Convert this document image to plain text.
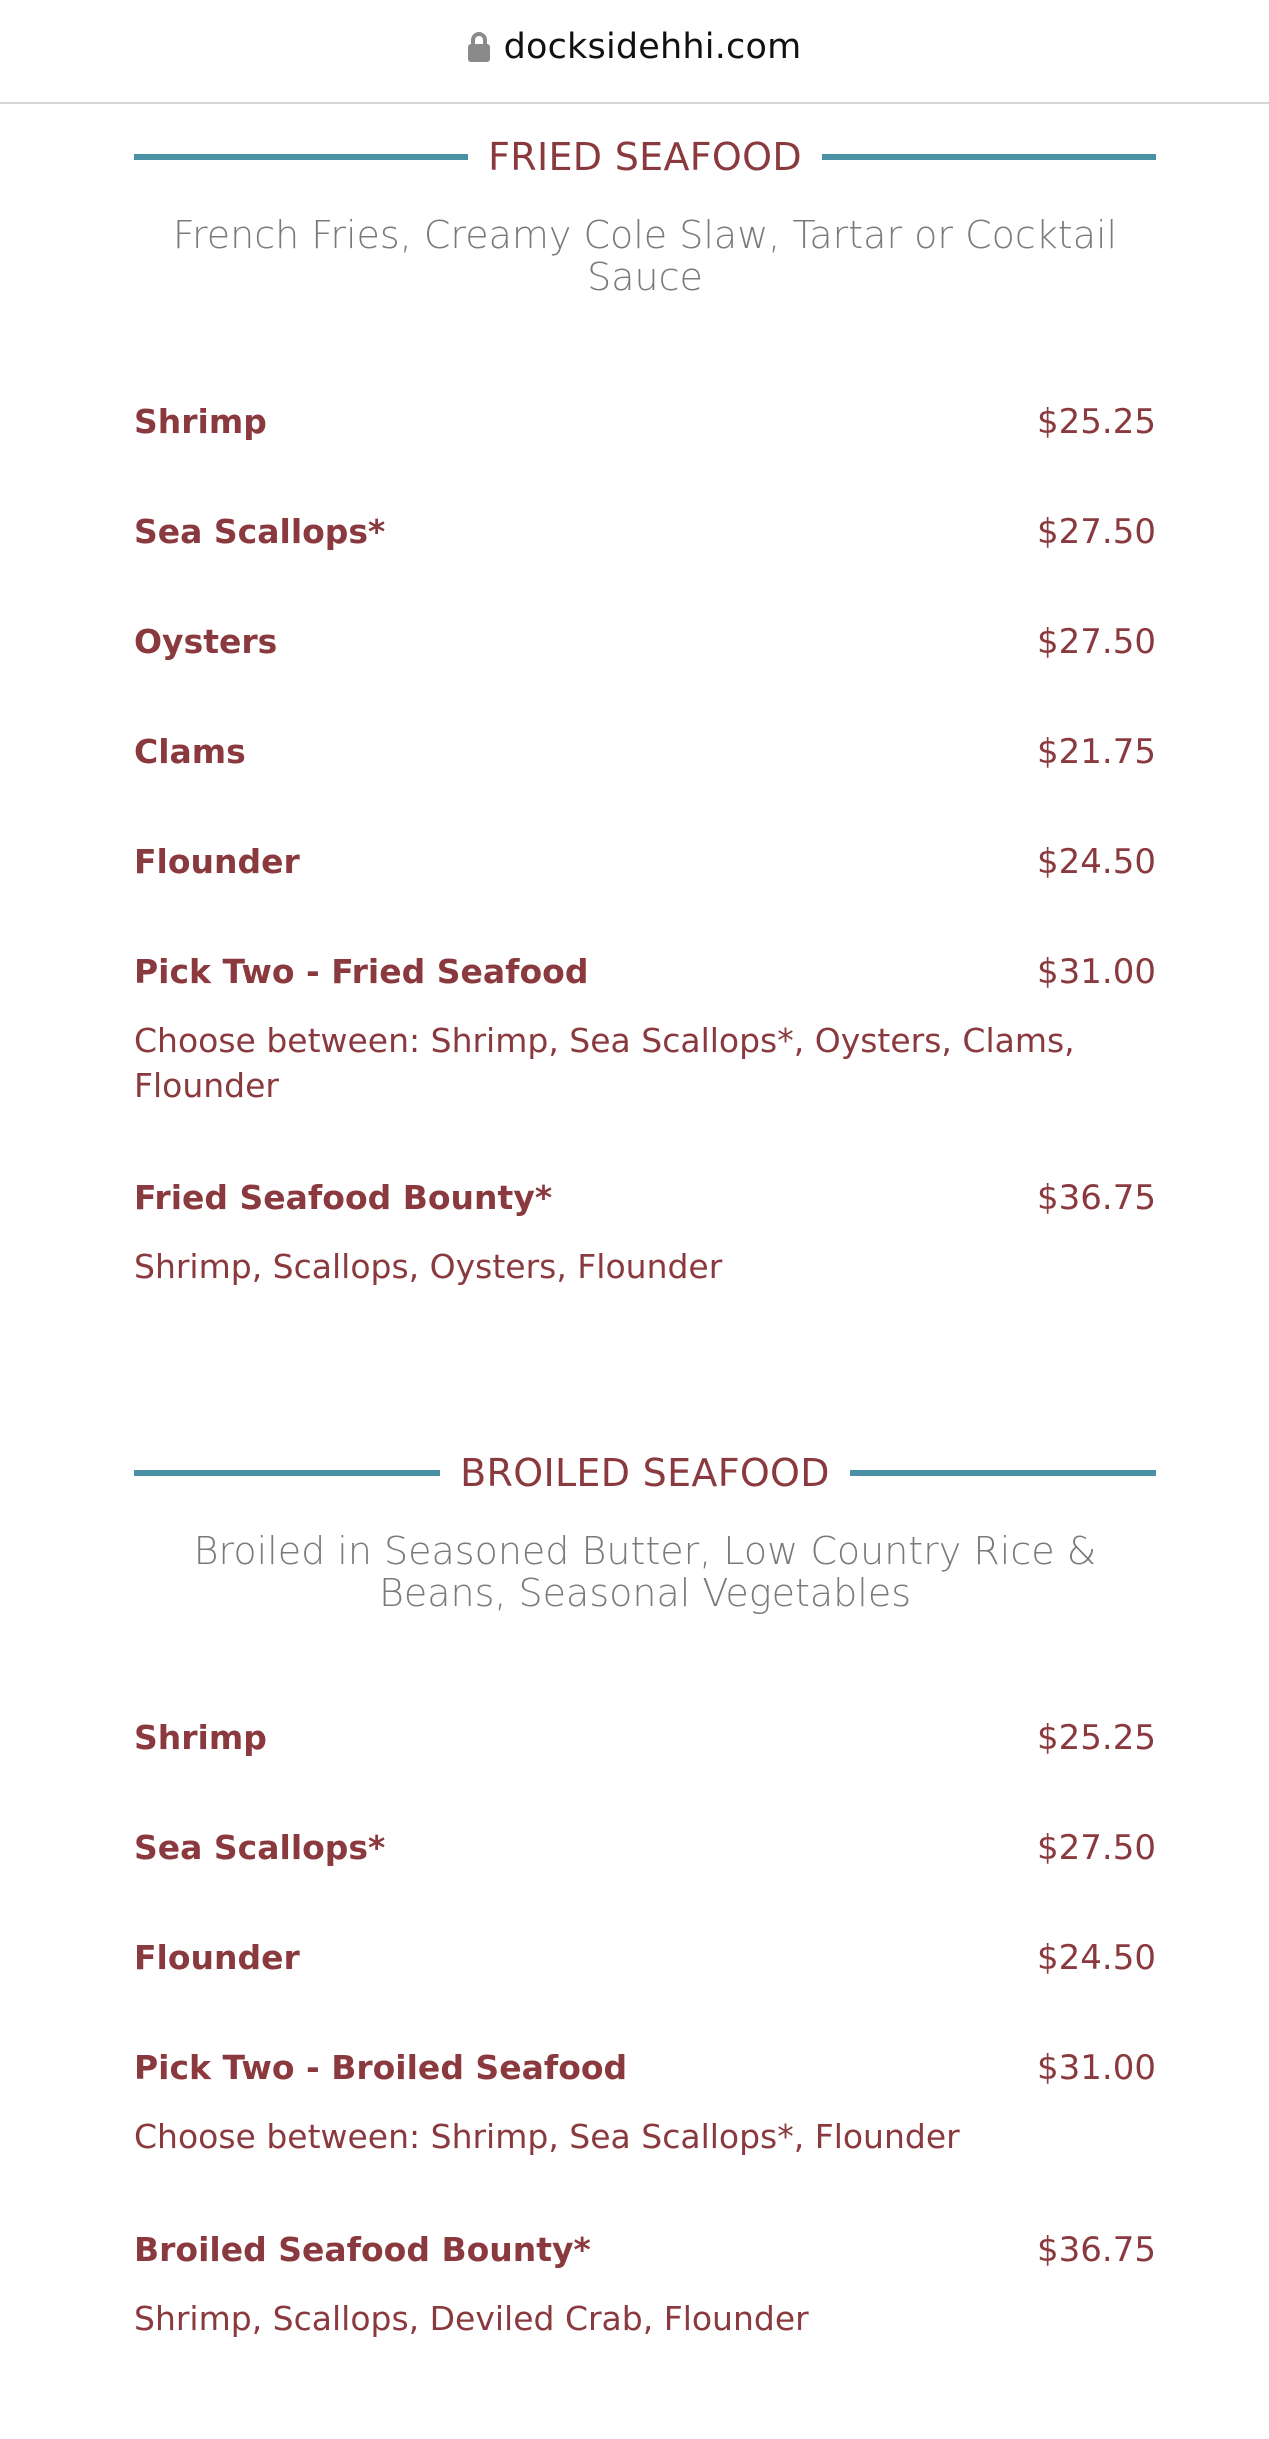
docksidehhi.com
FRIED SEAFOOD
French Fries, Creamy Cole Slaw, Tartar or Cocktail Sauce
Shrimp	$25.25
Sea Scallops*	$27.50
Oysters	$27.50
Clams	$21.75
Flounder	$24.50
Pick Two - Fried Seafood	$31.00
Choose between: Shrimp, Sea Scallops*, Oysters, Clams, Flounder
Fried Seafood Bounty*	$36.75
Shrimp, Scallops, Oysters, Flounder
BROILED SEAFOOD
Broiled in Seasoned Butter, Low Country Rice & Beans, Seasonal Vegetables
Shrimp	$25.25
Sea Scallops*	$27.50
Flounder	$24.50
Pick Two - Broiled Seafood	$31.00
Choose between: Shrimp, Sea Scallops*, Flounder
Broiled Seafood Bounty*	$36.75
Shrimp, Scallops, Deviled Crab, Flounder
